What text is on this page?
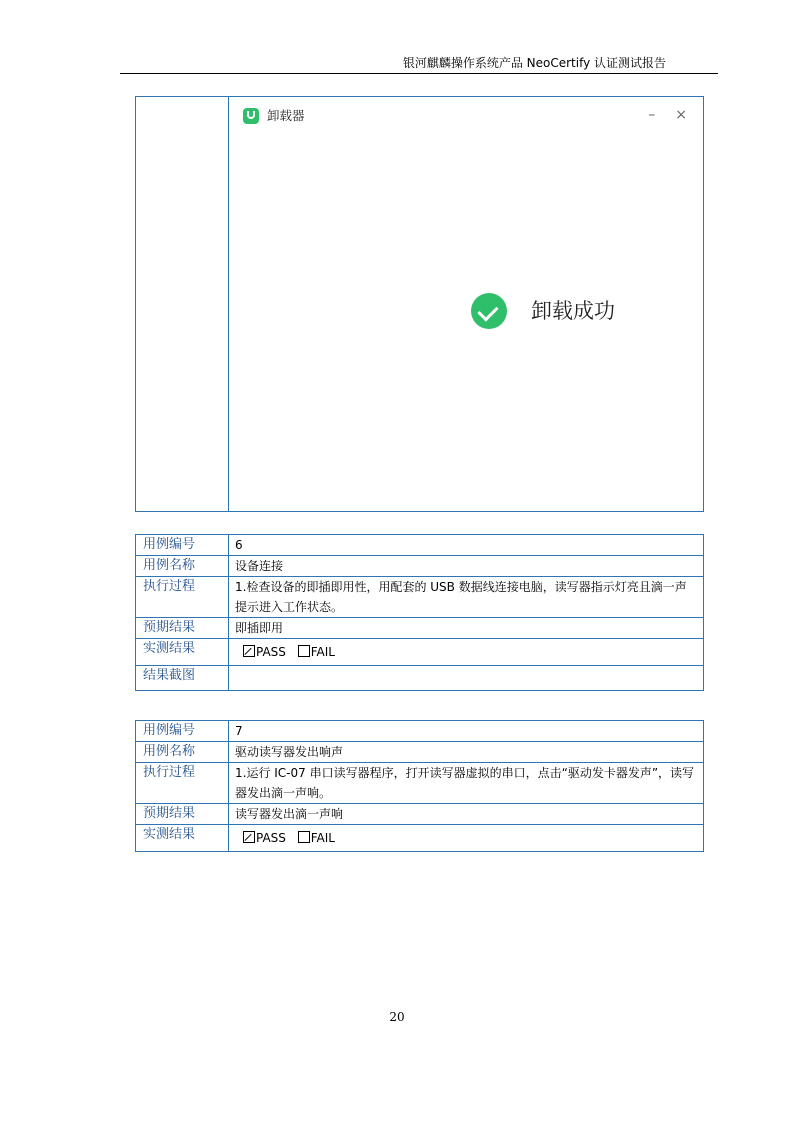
银河麒麟操作系统产品 NeoCertify 认证测试报告

卸载器	– ×
卸载成功
用例编号	6
用例名称	设备连接
执行过程	1.检查设备的即插即用性，用配套的 USB 数据线连接电脑，读写器指示灯亮且滴一声提示进入工作状态。
预期结果	即插即用
实测结果	PASS FAIL

结果截图	
用例编号	7
用例名称	驱动读写器发出响声
执行过程	1.运行 IC-07 串口读写器程序，打开读写器虚拟的串口，点击“驱动发卡器发声”，读写器发出滴一声响。
预期结果	读写器发出滴一声响
实测结果	PASS FAIL
20
